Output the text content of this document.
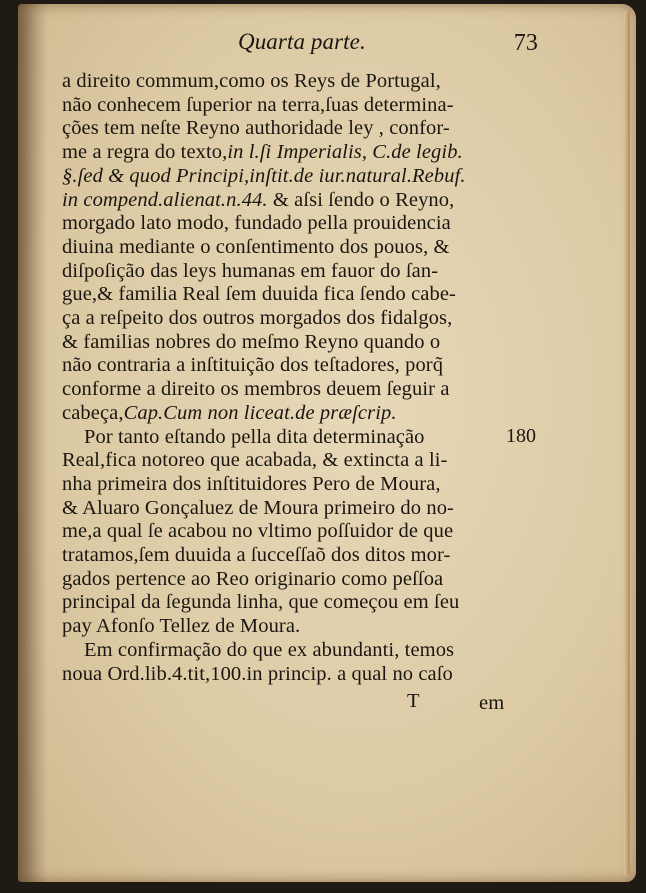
Quarta parte.	73
a direito commum,como os Reys de Portugal,
não conhecem ſuperior na terra,ſuas determina-
ções tem neſte Reyno authoridade ley , confor-
me a regra do texto,in l.ſi Imperialis, C.de legib.
§.ſed & quod Principi,inſtit.de iur.natural.Rebuf.
in compend.alienat.n.44. & aſsi ſendo o Reyno,
morgado lato modo, fundado pella prouidencia
diuina mediante o conſentimento dos pouos, &
diſpoſição das leys humanas em fauor do ſan-
gue,& familia Real ſem duuida fica ſendo cabe-
ça a reſpeito dos outros morgados dos fidalgos,
& familias nobres do meſmo Reyno quando o
não contraria a inſtituição dos teſtadores, porq̃
conforme a direito os membros deuem ſeguir a
cabeça,Cap.Cum non liceat.de præſcrip.
Por tanto eſtando pella dita determinação
Real,fica notoreo que acabada, & extincta a li-
nha primeira dos inſtituidores Pero de Moura,
& Aluaro Gonçaluez de Moura primeiro do no-
me,a qual ſe acabou no vltimo poſſuidor de que
tratamos,ſem duuida a ſucceſſaõ dos ditos mor-
gados pertence ao Reo originario como peſſoa
principal da ſegunda linha, que começou em ſeu
pay Afonſo Tellez de Moura.
Em confirmação do que ex abundanti, temos
noua Ord.lib.4.tit,100.in princip. a qual no caſo
T	em
180
